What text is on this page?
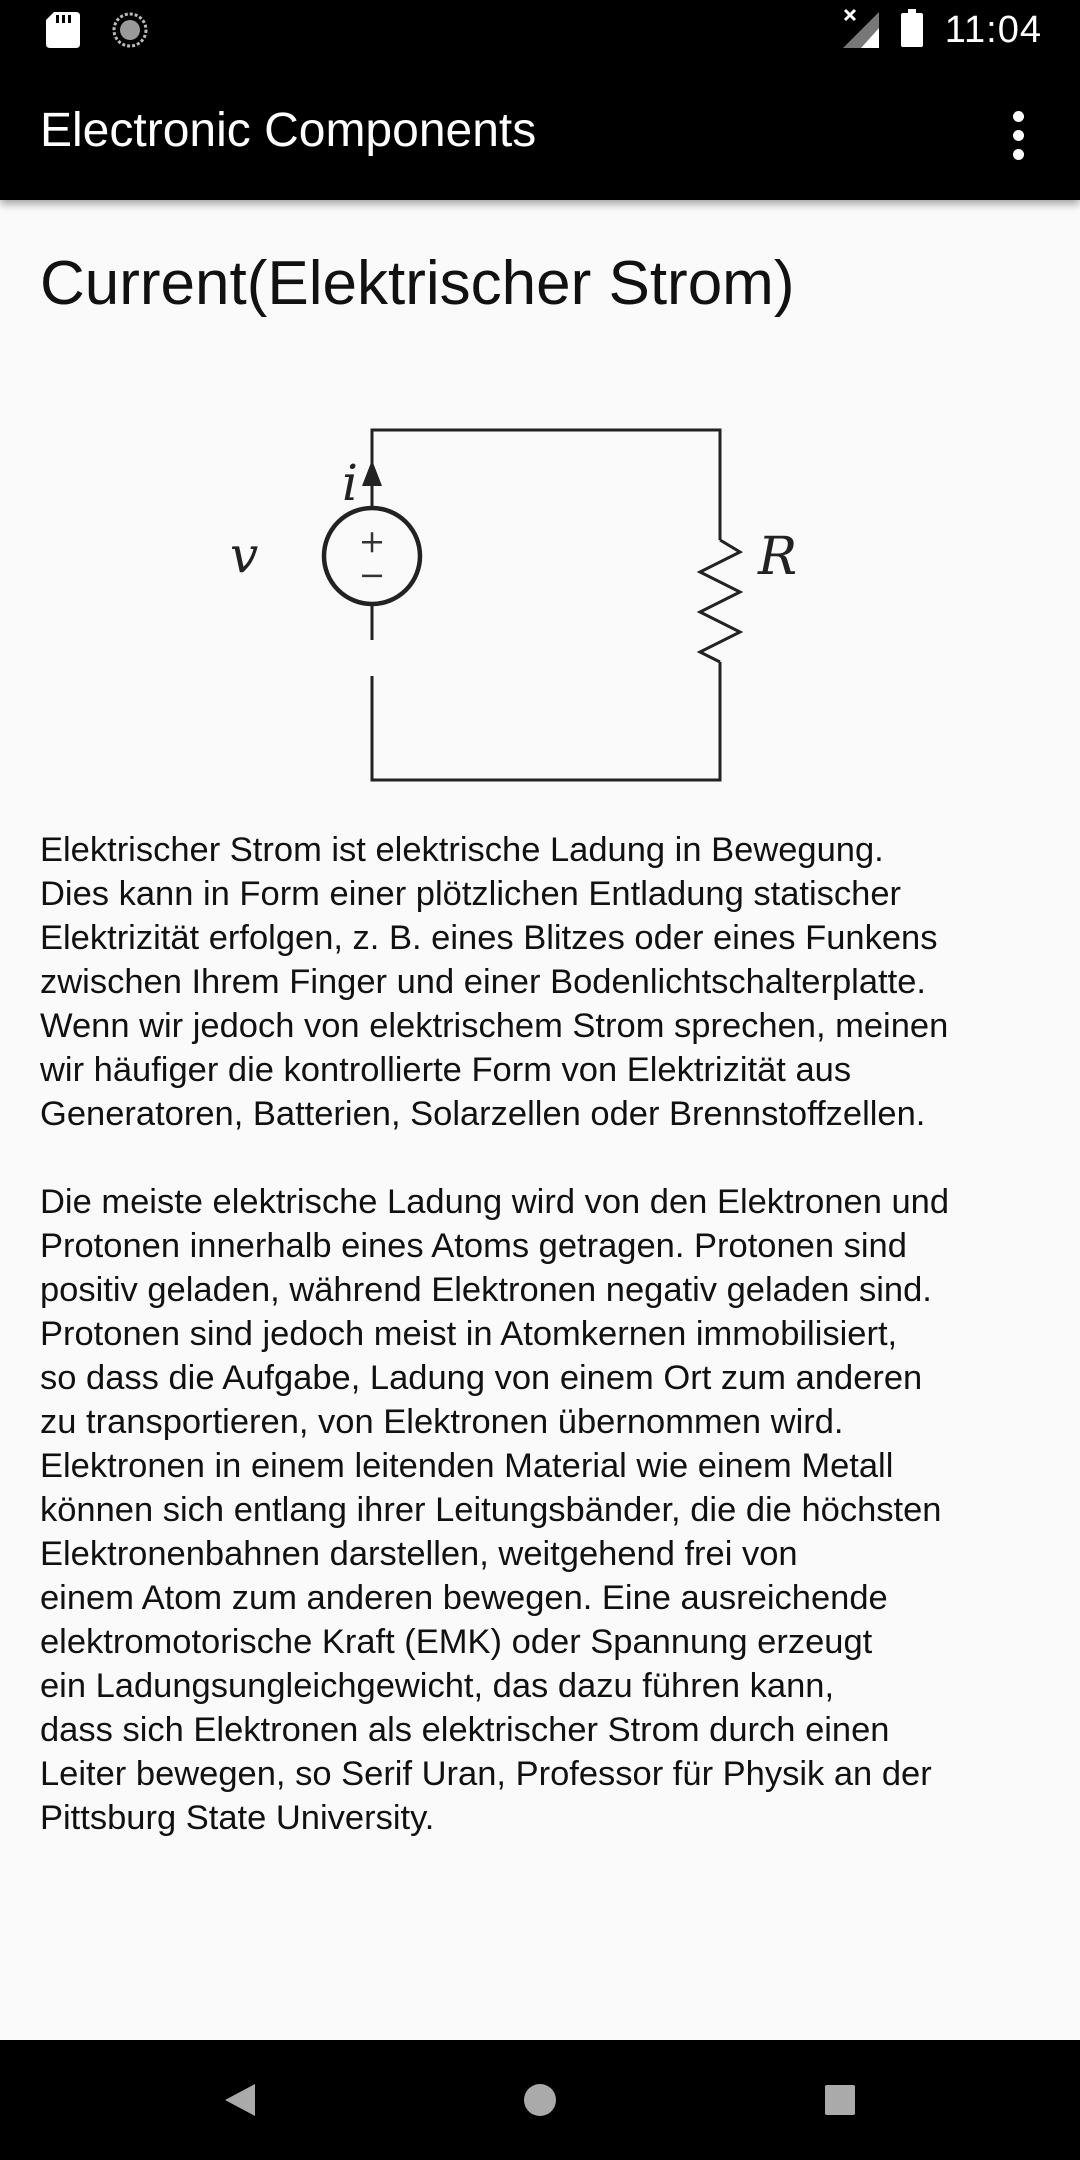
11:04
Electronic Components
Current(Elektrischer Strom)
+
−
i
v	R

Elektrischer Strom ist elektrische Ladung in Bewegung.
Dies kann in Form einer plötzlichen Entladung statischer
Elektrizität erfolgen, z. B. eines Blitzes oder eines Funkens
zwischen Ihrem Finger und einer Bodenlichtschalterplatte.
Wenn wir jedoch von elektrischem Strom sprechen, meinen
wir häufiger die kontrollierte Form von Elektrizität aus
Generatoren, Batterien, Solarzellen oder Brennstoffzellen.

Die meiste elektrische Ladung wird von den Elektronen und
Protonen innerhalb eines Atoms getragen. Protonen sind
positiv geladen, während Elektronen negativ geladen sind.
Protonen sind jedoch meist in Atomkernen immobilisiert,
so dass die Aufgabe, Ladung von einem Ort zum anderen
zu transportieren, von Elektronen übernommen wird.
Elektronen in einem leitenden Material wie einem Metall
können sich entlang ihrer Leitungsbänder, die die höchsten
Elektronenbahnen darstellen, weitgehend frei von
einem Atom zum anderen bewegen. Eine ausreichende
elektromotorische Kraft (EMK) oder Spannung erzeugt
ein Ladungsungleichgewicht, das dazu führen kann,
dass sich Elektronen als elektrischer Strom durch einen
Leiter bewegen, so Serif Uran, Professor für Physik an der
Pittsburg State University.
